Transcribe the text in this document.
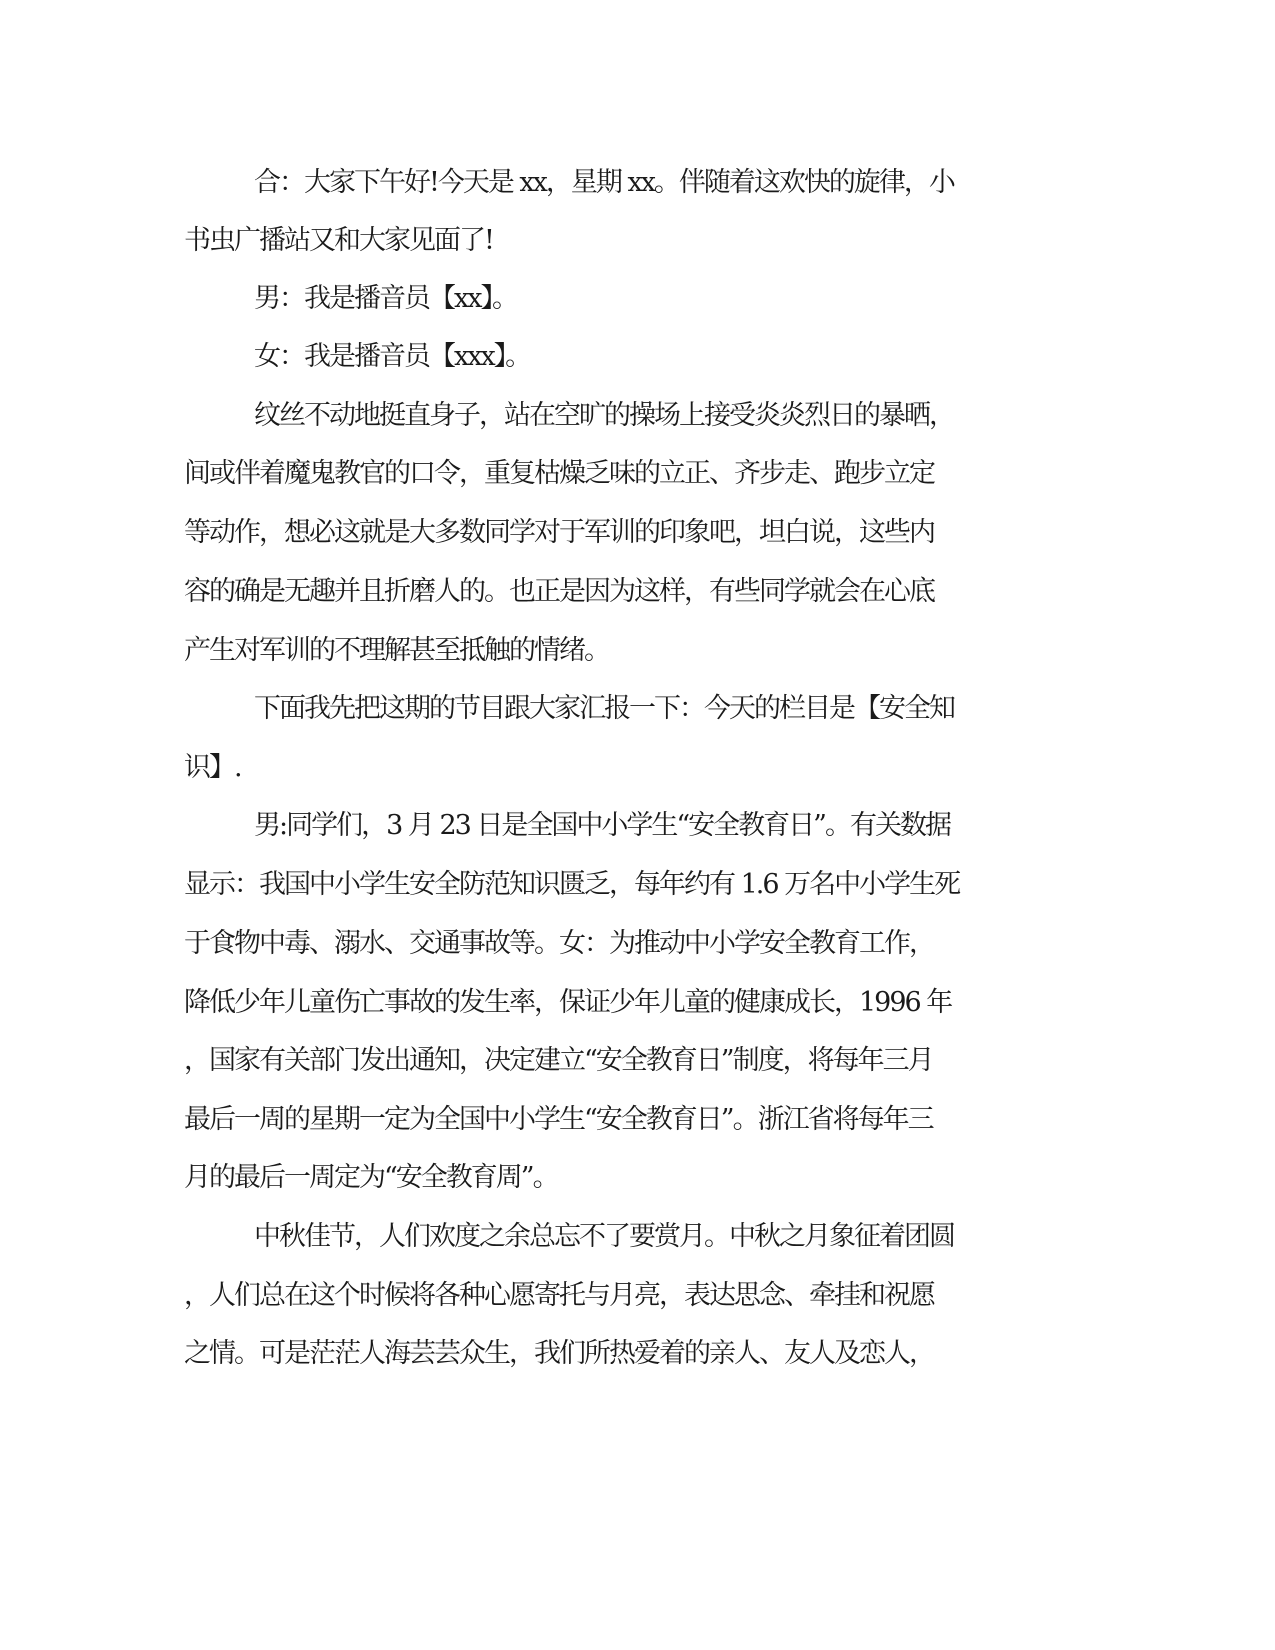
合：大家下午好!今天是 xx，星期 xx。伴随着这欢快的旋律，小
书虫广播站又和大家见面了!
男：我是播音员【xx】。
女：我是播音员【xxx】。
纹丝不动地挺直身子，站在空旷的操场上接受炎炎烈日的暴晒，
间或伴着魔鬼教官的口令，重复枯燥乏味的立正、齐步走、跑步立定
等动作，想必这就是大多数同学对于军训的印象吧，坦白说，这些内
容的确是无趣并且折磨人的。也正是因为这样，有些同学就会在心底
产生对军训的不理解甚至抵触的情绪。
下面我先把这期的节目跟大家汇报一下：今天的栏目是【安全知
识】.
男:同学们，3 月 23 日是全国中小学生“安全教育日”。有关数据
显示：我国中小学生安全防范知识匮乏，每年约有 1.6 万名中小学生死
于食物中毒、溺水、交通事故等。女：为推动中小学安全教育工作，
降低少年儿童伤亡事故的发生率，保证少年儿童的健康成长，1996 年
，国家有关部门发出通知，决定建立“安全教育日”制度，将每年三月
最后一周的星期一定为全国中小学生“安全教育日”。浙江省将每年三
月的最后一周定为“安全教育周”。
中秋佳节，人们欢度之余总忘不了要赏月。中秋之月象征着团圆
，人们总在这个时候将各种心愿寄托与月亮，表达思念、牵挂和祝愿
之情。可是茫茫人海芸芸众生，我们所热爱着的亲人、友人及恋人，
